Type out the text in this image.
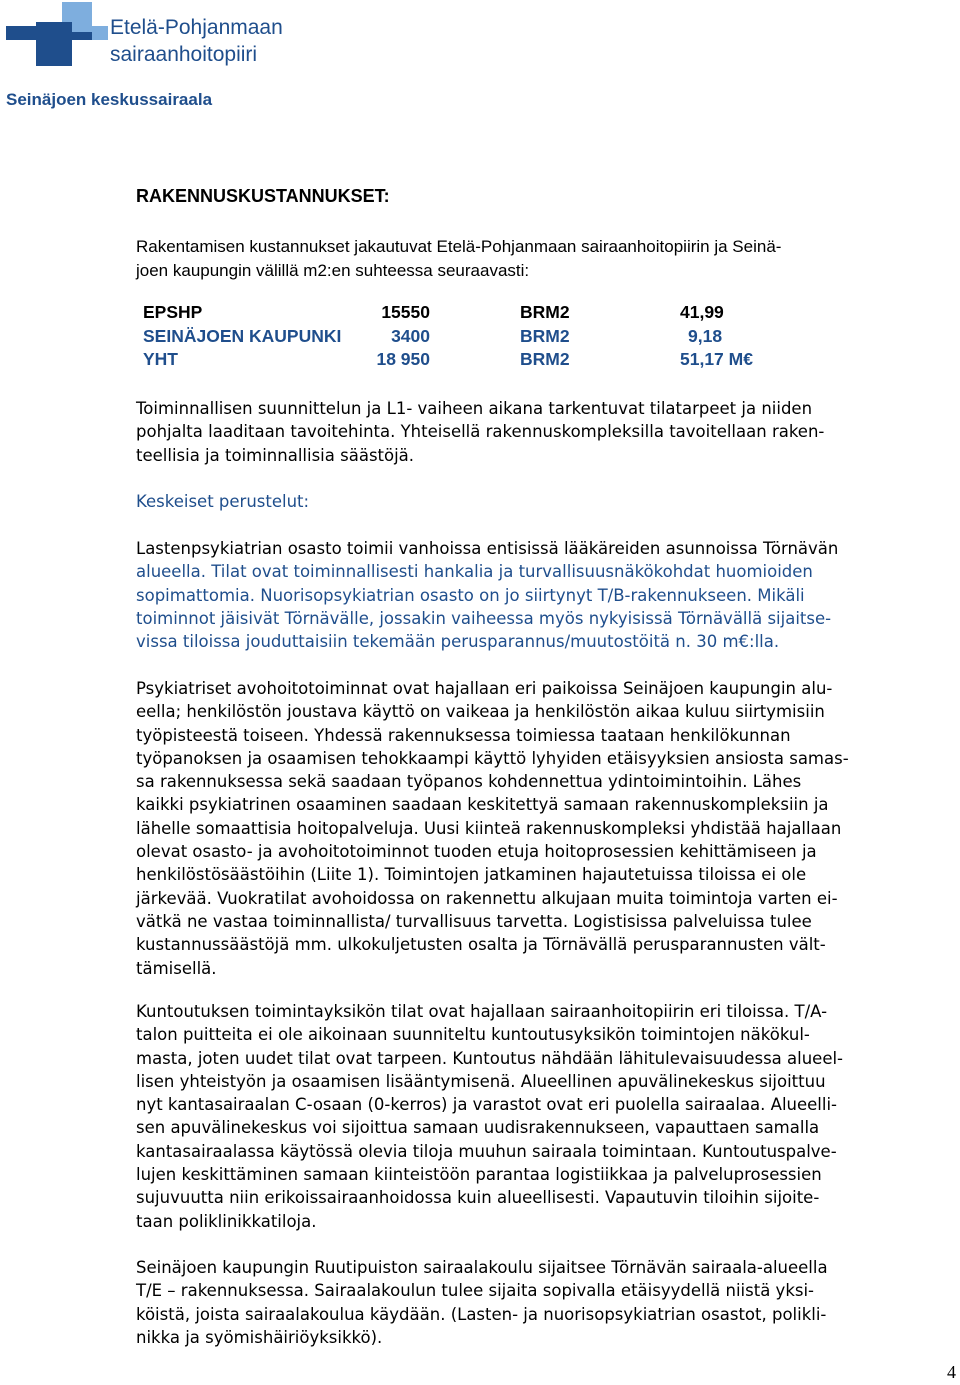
Etelä-Pohjanmaan
sairaanhoitopiiri
Seinäjoen keskussairaala
RAKENNUSKUSTANNUKSET:
Rakentamisen kustannukset jakautuvat Etelä-Pohjanmaan sairaanhoitopiirin ja Seinä-
joen kaupungin välillä m2:en suhteessa seuraavasti:
EPSHP	15550	BRM2	41,99
SEINÄJOEN KAUPUNKI	3400	BRM2	9,18
YHT	18 950	BRM2	51,17 M€
Toiminnallisen suunnittelun ja L1- vaiheen aikana tarkentuvat tilatarpeet ja niiden
pohjalta laaditaan tavoitehinta. Yhteisellä rakennuskompleksilla tavoitellaan raken-
teellisia ja toiminnallisia säästöjä.
Keskeiset perustelut:
Lastenpsykiatrian osasto toimii vanhoissa entisissä lääkäreiden asunnoissa Törnävän
alueella. Tilat ovat toiminnallisesti hankalia ja turvallisuusnäkökohdat huomioiden
sopimattomia. Nuorisopsykiatrian osasto on jo siirtynyt T/B-rakennukseen. Mikäli
toiminnot jäisivät Törnävälle, jossakin vaiheessa myös nykyisissä Törnävällä sijaitse-
vissa tiloissa jouduttaisiin tekemään perusparannus/muutostöitä n. 30 m€:lla.
Psykiatriset avohoitotoiminnat ovat hajallaan eri paikoissa Seinäjoen kaupungin alu-
eella; henkilöstön joustava käyttö on vaikeaa ja henkilöstön aikaa kuluu siirtymisiin
työpisteestä toiseen. Yhdessä rakennuksessa toimiessa taataan henkilökunnan
työpanoksen ja osaamisen tehokkaampi käyttö lyhyiden etäisyyksien ansiosta samas-
sa rakennuksessa sekä saadaan työpanos kohdennettua ydintoimintoihin. Lähes
kaikki psykiatrinen osaaminen saadaan keskitettyä samaan rakennuskompleksiin ja
lähelle somaattisia hoitopalveluja. Uusi kiinteä rakennuskompleksi yhdistää hajallaan
olevat osasto- ja avohoitotoiminnot tuoden etuja hoitoprosessien kehittämiseen ja
henkilöstösäästöihin (Liite 1). Toimintojen jatkaminen hajautetuissa tiloissa ei ole
järkevää. Vuokratilat avohoidossa on rakennettu alkujaan muita toimintoja varten ei-
vätkä ne vastaa toiminnallista/ turvallisuus tarvetta. Logistisissa palveluissa tulee
kustannussäästöjä mm. ulkokuljetusten osalta ja Törnävällä perusparannusten vält-
tämisellä.
Kuntoutuksen toimintayksikön tilat ovat hajallaan sairaanhoitopiirin eri tiloissa. T/A-
talon puitteita ei ole aikoinaan suunniteltu kuntoutusyksikön toimintojen näkökul-
masta, joten uudet tilat ovat tarpeen. Kuntoutus nähdään lähitulevaisuudessa alueel-
lisen yhteistyön ja osaamisen lisääntymisenä. Alueellinen apuvälinekeskus sijoittuu
nyt kantasairaalan C-osaan (0-kerros) ja varastot ovat eri puolella sairaalaa. Alueelli-
sen apuvälinekeskus voi sijoittua samaan uudisrakennukseen, vapauttaen samalla
kantasairaalassa käytössä olevia tiloja muuhun sairaala toimintaan. Kuntoutuspalve-
lujen keskittäminen samaan kiinteistöön parantaa logistiikkaa ja palveluprosessien
sujuvuutta niin erikoissairaanhoidossa kuin alueellisesti. Vapautuvin tiloihin sijoite-
taan poliklinikkatiloja.
Seinäjoen kaupungin Ruutipuiston sairaalakoulu sijaitsee Törnävän sairaala-alueella
T/E – rakennuksessa. Sairaalakoulun tulee sijaita sopivalla etäisyydellä niistä yksi-
köistä, joista sairaalakoulua käydään. (Lasten- ja nuorisopsykiatrian osastot, polikli-
nikka ja syömishäiriöyksikkö).
4
